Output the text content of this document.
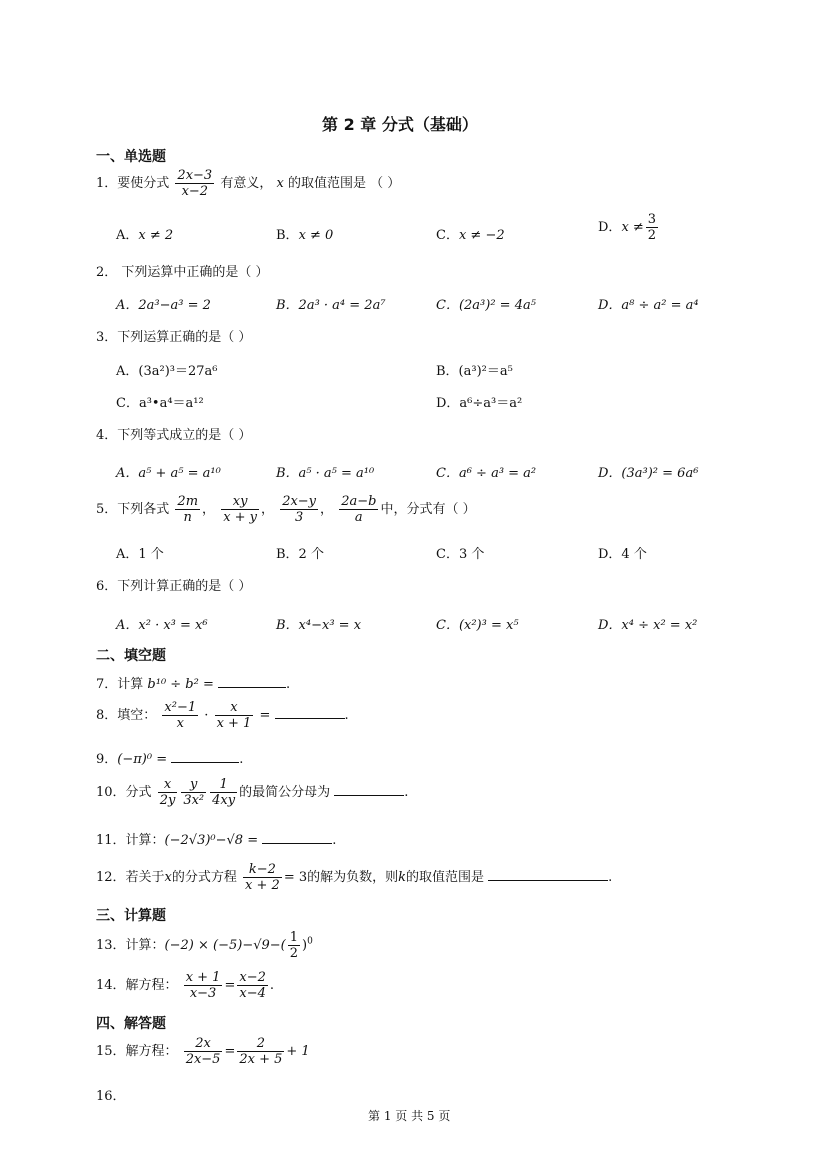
第 2 章 分式（基础）
一、单选题
1．要使分式 $\frac{2x-3}{x-2}$ 有意义， x 的取值范围是 （ ）
A．x ≠ 2	B．x ≠ 0	C．x ≠ −2
D．$x \ne \frac{3}{2}$
2． 下列运算中正确的是（ ）
A．2a³−a³ = 2	B．2a³ · a⁴ = 2a⁷	C．(2a³)² = 4a⁵	D．a⁸ ÷ a² = a⁴
3．下列运算正确的是（ ）
A．(3a²)³＝27a⁶	B．(a³)²＝a⁵
C．a³•a⁴＝a¹²	D．a⁶÷a³＝a²
4．下列等式成立的是（ ）
A．a⁵ + a⁵ = a¹⁰	B．a⁵ · a⁵ = a¹⁰	C．a⁶ ÷ a³ = a²	D．(3a³)² = 6a⁶
5．下列各式 $\frac{2m}{n}$ ， $\frac{xy}{x + y}$ ， $\frac{2x-y}{3}$ ， $\frac{2a-b}{a}$ 中，分式有（ ）
A．1 个	B．2 个	C．3 个	D．4 个
6．下列计算正确的是（ ）
A．x² · x³ = x⁶	B．x⁴−x³ = x	C．(x²)³ = x⁵	D．x⁴ ÷ x² = x²
二、填空题
7．计算 b¹⁰ ÷ b² =	.
8．填空： $\frac{\text{x²−1}}{x} \cdot \frac{x}{x + 1}$ =	.
9．(−π)⁰ =	.
10．分式 $\frac{x}{2y} \frac{y}{\text{3x²}} \frac{1}{4xy}$ 的最简公分母为	.
11．计算：(−2√3)⁰−√8 =	.
12．若关于x的分式方程 $\frac{k-2}{x + 2} = 3$的解为负数，则k的取值范围是	.
三、计算题
13．计算：$(-2) \times (-5)-√9-( \frac{1}{2} )^0$
14．解方程： $\frac{x + 1}{x-3} = \frac{x-2}{x-4}$ .
四、解答题
15．解方程： $\frac{2x}{2x-5} = \frac{2}{2x + 5} + 1$
16．
第 1 页 共 5 页
